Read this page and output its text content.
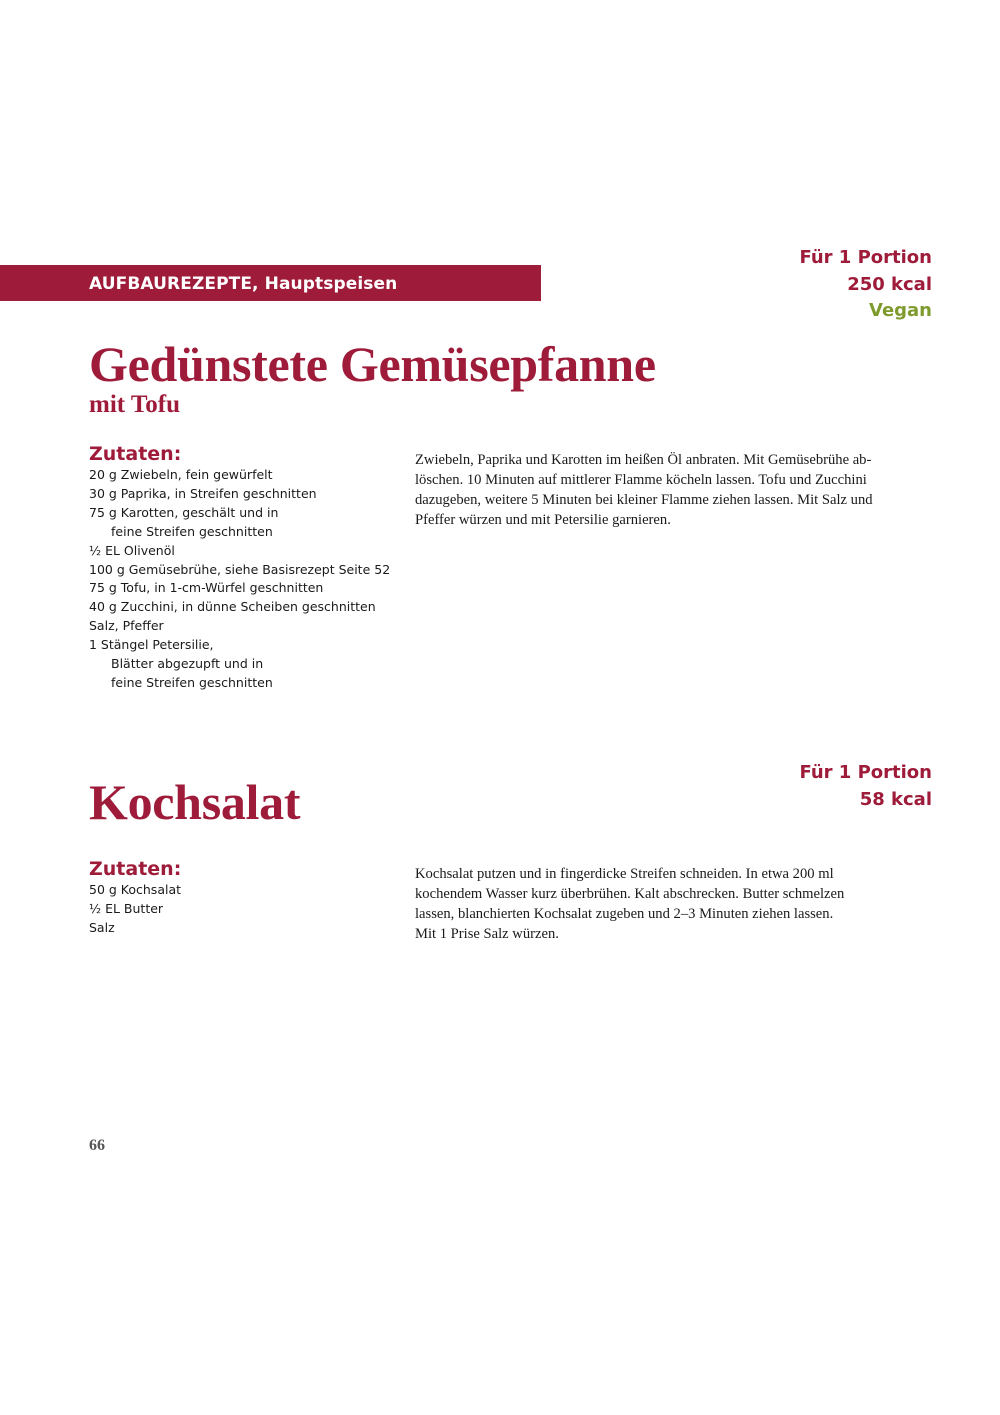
AUFBAUREZEPTE, Hauptspeisen
Für 1 Portion
250 kcal
Vegan
Gedünstete Gemüsepfanne
mit Tofu
Zutaten:
20 g Zwiebeln, fein gewürfelt
30 g Paprika, in Streifen geschnitten
75 g Karotten, geschält und in
feine Streifen geschnitten
½ EL Olivenöl
100 g Gemüsebrühe, siehe Basisrezept Seite 52
75 g Tofu, in 1-cm-Würfel geschnitten
40 g Zucchini, in dünne Scheiben geschnitten
Salz, Pfeffer
1 Stängel Petersilie,
Blätter abgezupft und in
feine Streifen geschnitten

Zwiebeln, Paprika und Karotten im heißen Öl anbraten. Mit Gemüsebrühe ab-
löschen. 10 Minuten auf mittlerer Flamme köcheln lassen. Tofu und Zucchini
dazugeben, weitere 5 Minuten bei kleiner Flamme ziehen lassen. Mit Salz und
Pfeffer würzen und mit Petersilie garnieren.

Für 1 Portion
58 kcal
Kochsalat
Zutaten:
50 g Kochsalat
½ EL Butter
Salz

Kochsalat putzen und in fingerdicke Streifen schneiden. In etwa 200 ml
kochendem Wasser kurz überbrühen. Kalt abschrecken. Butter schmelzen
lassen, blanchierten Kochsalat zugeben und 2–3 Minuten ziehen lassen.
Mit 1 Prise Salz würzen.

66
